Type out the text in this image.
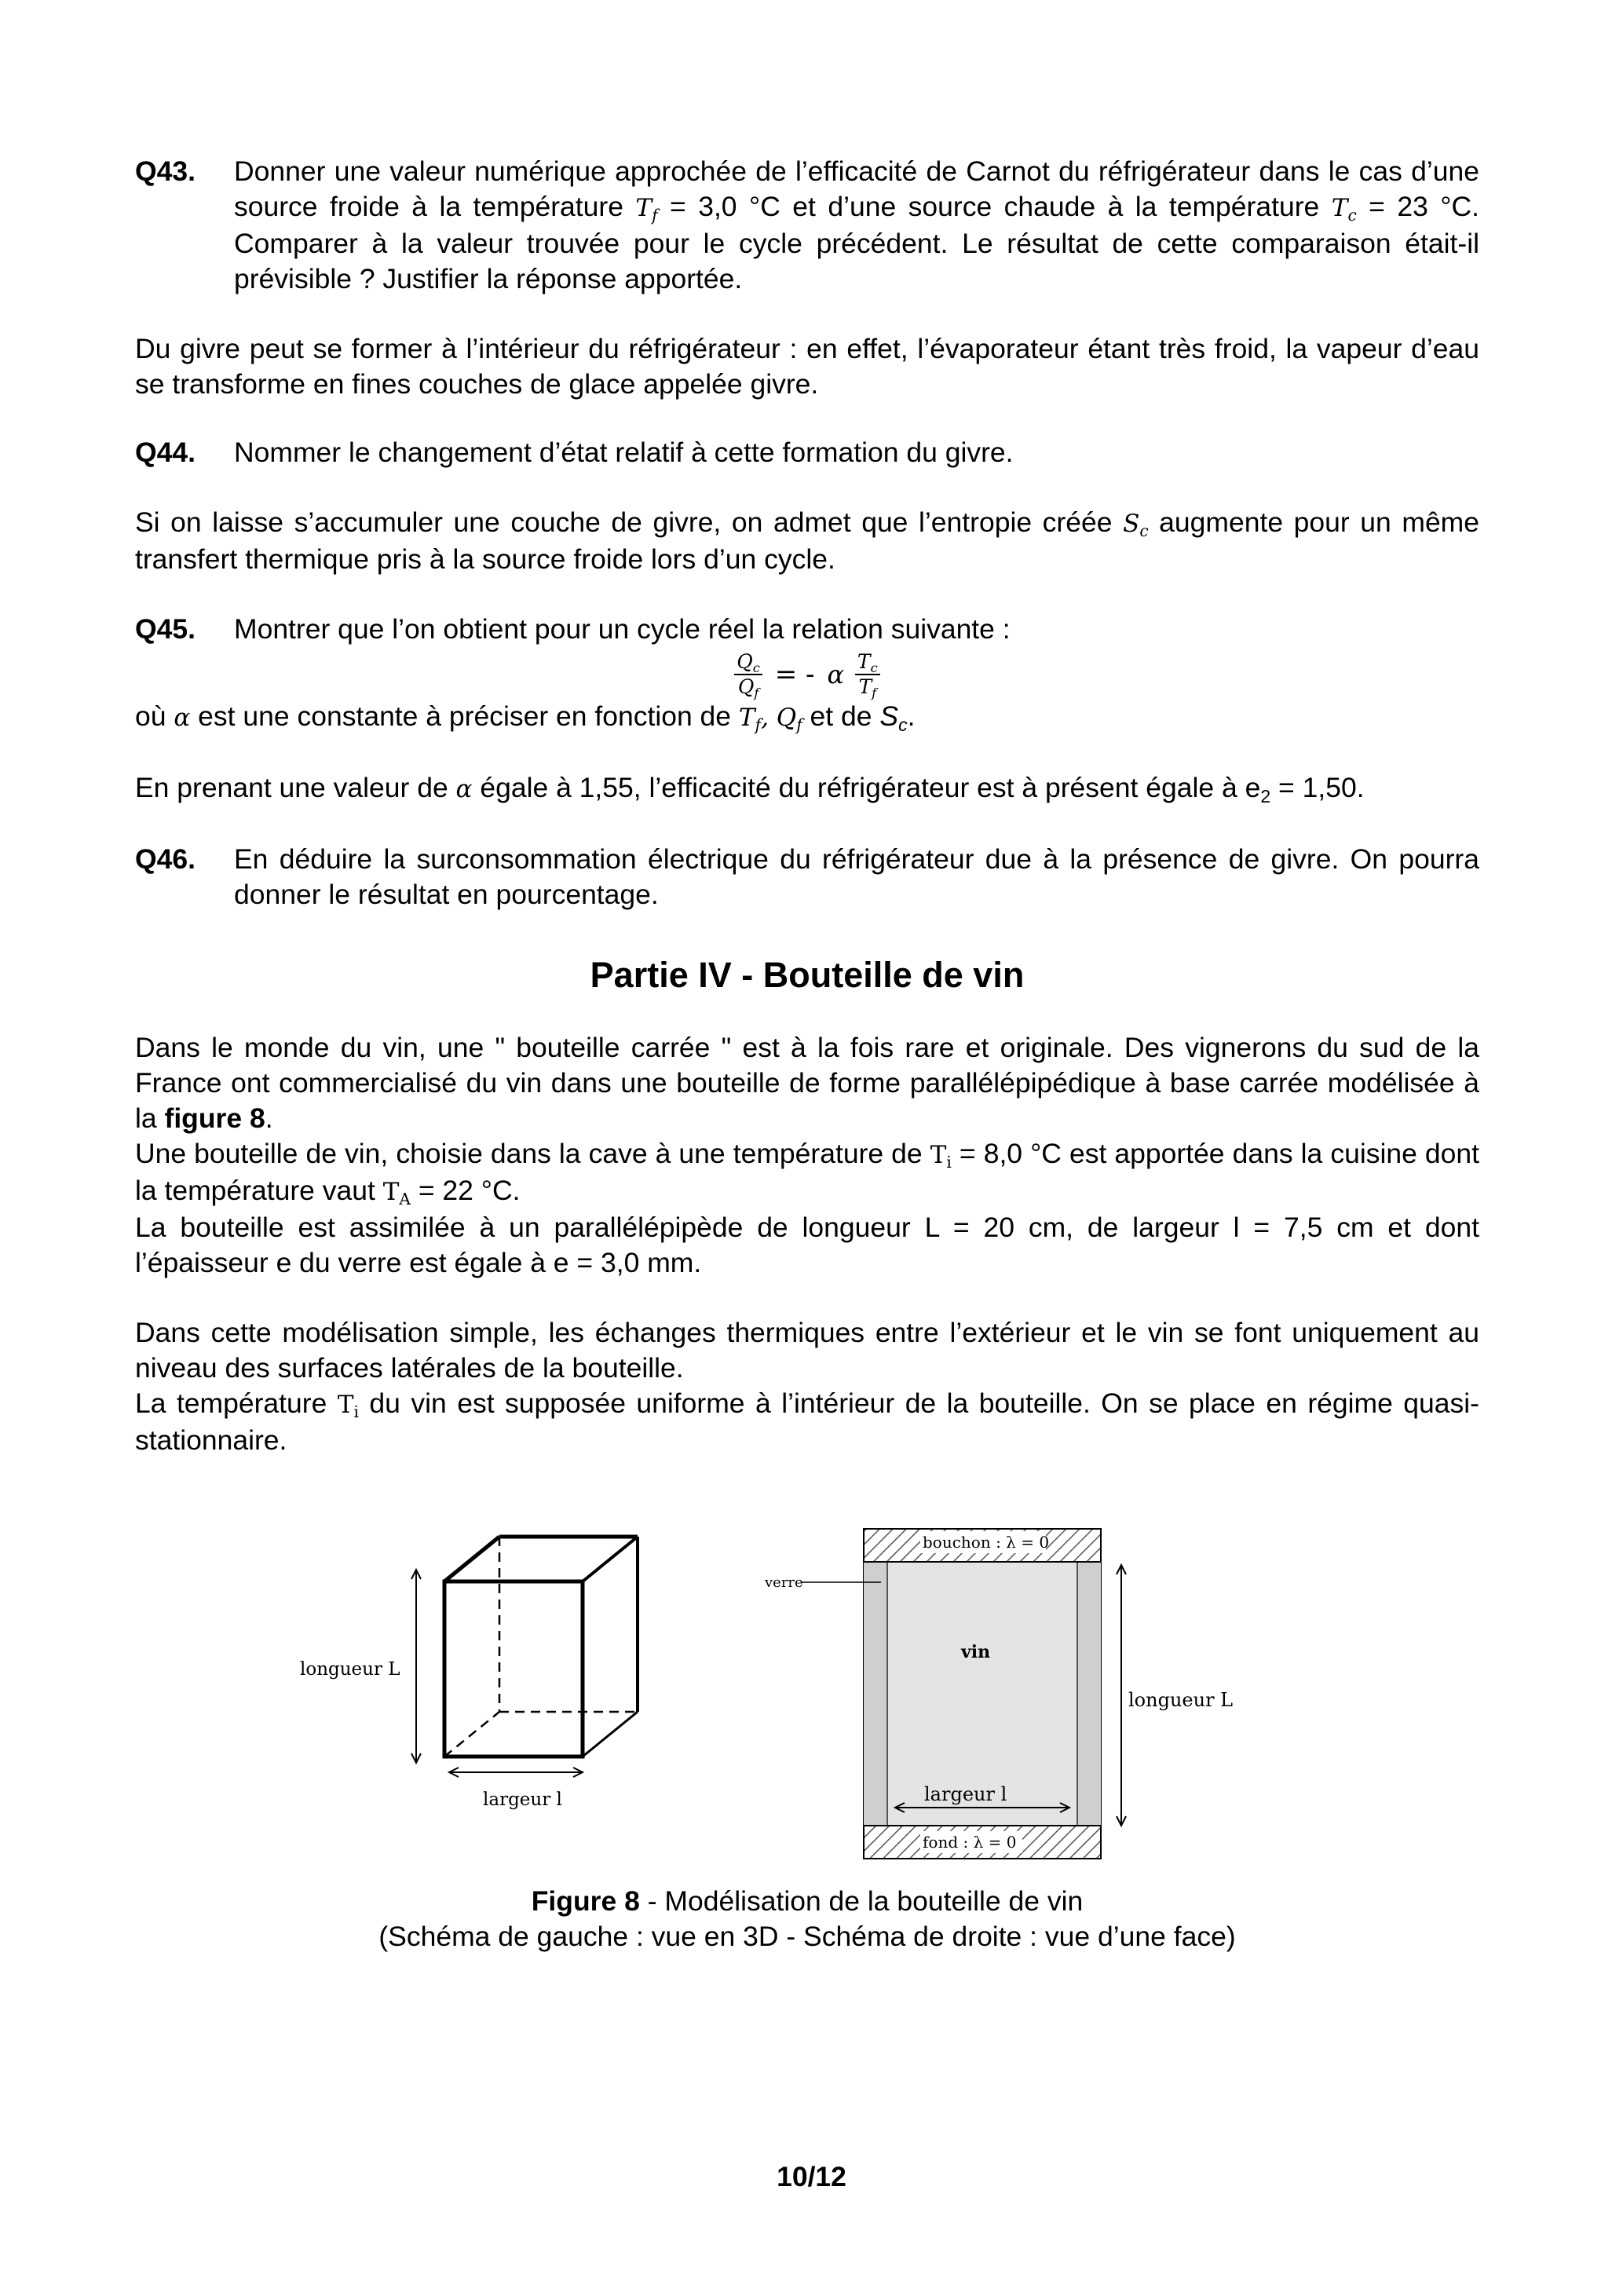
Q43.	Donner une valeur numérique approchée de l’efficacité de Carnot du réfrigérateur dans le cas d’une source froide à la température $T_f = 3,0$ °C et d’une source chaude à la température $T_c = 23$ °C. Comparer à la valeur trouvée pour le cycle précédent. Le résultat de cette comparaison était-il prévisible ? Justifier la réponse apportée.

Du givre peut se former à l’intérieur du réfrigérateur : en effet, l’évaporateur étant très froid, la vapeur d’eau se transforme en fines couches de glace appelée givre.

Q44.	Nommer le changement d’état relatif à cette formation du givre.

Si on laisse s’accumuler une couche de givre, on admet que l’entropie créée $S_c$ augmente pour un même transfert thermique pris à la source froide lors d’un cycle.

Q45.	Montrer que l’on obtient pour un cycle réel la relation suivante :
$\frac{Q_c}{Q_f}$ = - α $\frac{T_c}{T_f}$

où α est une constante à préciser en fonction de $T_f$, $Q_f$ et de $S_c$.

En prenant une valeur de α égale à 1,55, l’efficacité du réfrigérateur est à présent égale à $e_2 = 1,50$.

Q46.	En déduire la surconsommation électrique du réfrigérateur due à la présence de givre. On pourra donner le résultat en pourcentage.
Partie IV - Bouteille de vin

Dans le monde du vin, une " bouteille carrée " est à la fois rare et originale. Des vignerons du sud de la France ont commercialisé du vin dans une bouteille de forme parallélépipédique à base carrée modélisée à la figure 8.

Une bouteille de vin, choisie dans la cave à une température de $T_i = 8,0$ °C est apportée dans la cuisine dont la température vaut $T_A = 22$ °C.

La bouteille est assimilée à un parallélépipède de longueur L = 20 cm, de largeur l = 7,5 cm et dont l’épaisseur e du verre est égale à e = 3,0 mm.

Dans cette modélisation simple, les échanges thermiques entre l’extérieur et le vin se font uniquement au niveau des surfaces latérales de la bouteille.

La température $T_i$ du vin est supposée uniforme à l’intérieur de la bouteille. On se place en régime quasi-stationnaire.

longueur L
largeur l
bouchon : λ = 0
fond : λ = 0
verre
vin
largeur l
longueur L
Figure 8 - Modélisation de la bouteille de vin
(Schéma de gauche : vue en 3D - Schéma de droite : vue d’une face)
10/12
